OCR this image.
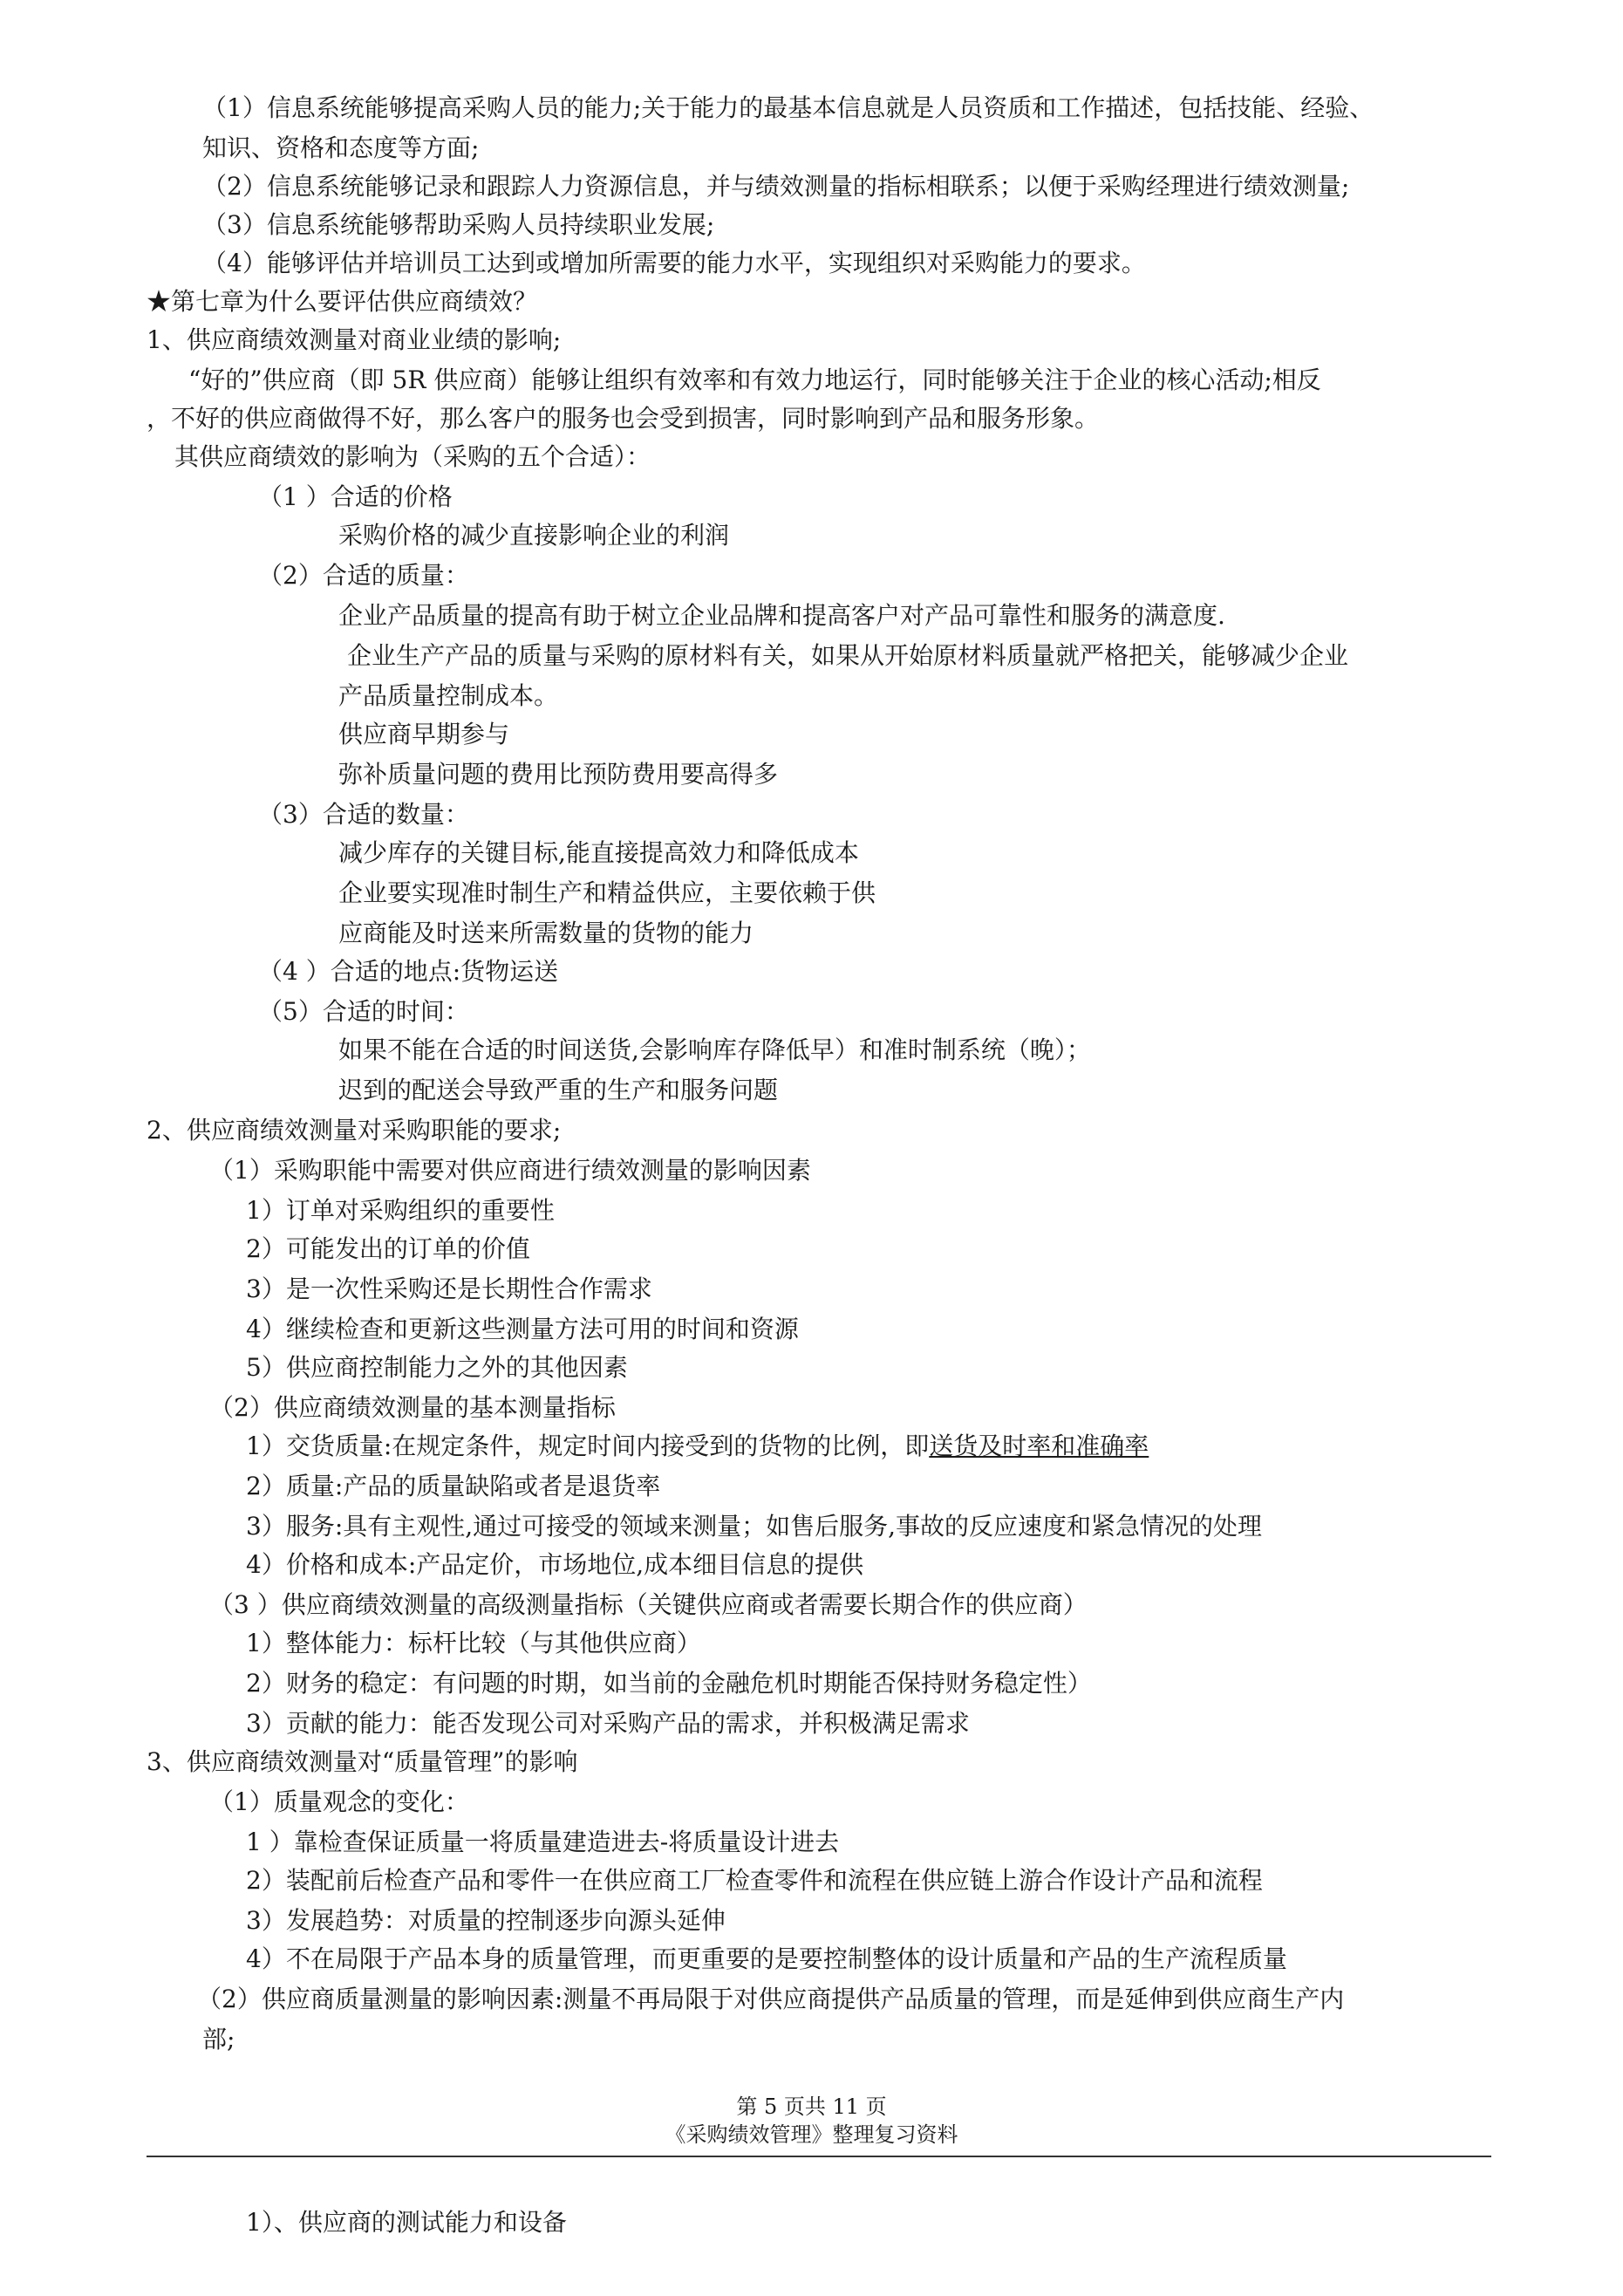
（1）信息系统能够提高采购人员的能力;关于能力的最基本信息就是人员资质和工作描述，包括技能、经验、
知识、资格和态度等方面;
（2）信息系统能够记录和跟踪人力资源信息，并与绩效测量的指标相联系；以便于采购经理进行绩效测量;
（3）信息系统能够帮助采购人员持续职业发展;
（4）能够评估并培训员工达到或增加所需要的能力水平，实现组织对采购能力的要求。
★第七章为什么要评估供应商绩效？
1、供应商绩效测量对商业业绩的影响;
“好的”供应商（即 5R 供应商）能够让组织有效率和有效力地运行，同时能够关注于企业的核心活动;相反
，不好的供应商做得不好，那么客户的服务也会受到损害，同时影响到产品和服务形象。
其供应商绩效的影响为（采购的五个合适）：
（1 ）合适的价格
采购价格的减少直接影响企业的利润
（2）合适的质量：
企业产品质量的提高有助于树立企业品牌和提高客户对产品可靠性和服务的满意度.
企业生产产品的质量与采购的原材料有关，如果从开始原材料质量就严格把关，能够减少企业
产品质量控制成本。
供应商早期参与
弥补质量问题的费用比预防费用要高得多
（3）合适的数量：
减少库存的关键目标,能直接提高效力和降低成本
企业要实现准时制生产和精益供应，主要依赖于供
应商能及时送来所需数量的货物的能力
（4 ）合适的地点:货物运送
（5）合适的时间：
如果不能在合适的时间送货,会影响库存降低早）和准时制系统（晚）；
迟到的配送会导致严重的生产和服务问题
2、供应商绩效测量对采购职能的要求;
（1）采购职能中需要对供应商进行绩效测量的影响因素
1）订单对采购组织的重要性
2）可能发出的订单的价值
3）是一次性采购还是长期性合作需求
4）继续检查和更新这些测量方法可用的时间和资源
5）供应商控制能力之外的其他因素
（2）供应商绩效测量的基本测量指标
1）交货质量:在规定条件，规定时间内接受到的货物的比例，即送货及时率和准确率
2）质量:产品的质量缺陷或者是退货率
3）服务:具有主观性,通过可接受的领域来测量；如售后服务,事故的反应速度和紧急情况的处理
4）价格和成本:产品定价，市场地位,成本细目信息的提供
（3 ）供应商绩效测量的高级测量指标（关键供应商或者需要长期合作的供应商）
1）整体能力：标杆比较（与其他供应商）
2）财务的稳定：有问题的时期，如当前的金融危机时期能否保持财务稳定性）
3）贡献的能力：能否发现公司对采购产品的需求，并积极满足需求
3、供应商绩效测量对“质量管理”的影响
（1）质量观念的变化：
1 ）靠检查保证质量一将质量建造进去-将质量设计进去
2）装配前后检查产品和零件一在供应商工厂检查零件和流程在供应链上游合作设计产品和流程
3）发展趋势：对质量的控制逐步向源头延伸
4）不在局限于产品本身的质量管理，而更重要的是要控制整体的设计质量和产品的生产流程质量
（2）供应商质量测量的影响因素:测量不再局限于对供应商提供产品质量的管理，而是延伸到供应商生产内
部;
第 5 页共 11 页
《采购绩效管理》整理复习资料
1）、供应商的测试能力和设备
